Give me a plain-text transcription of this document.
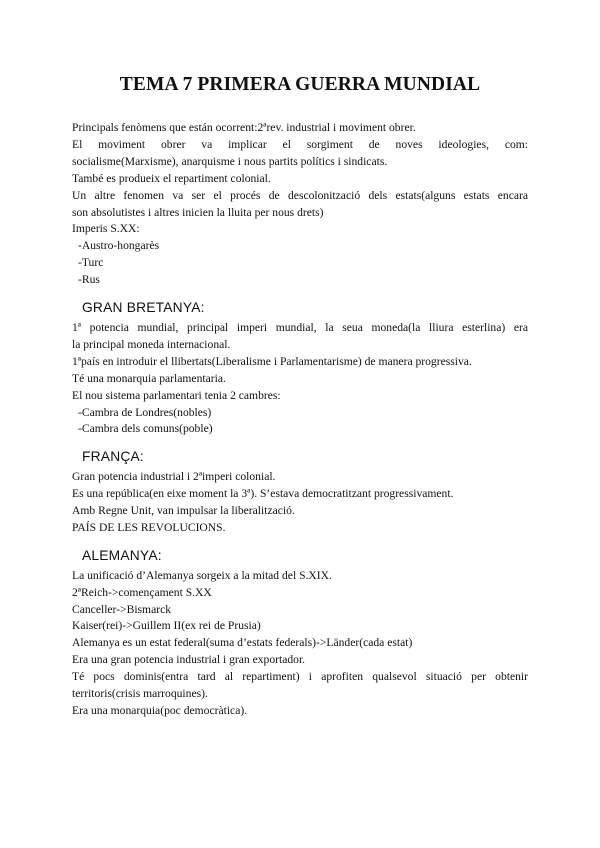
TEMA 7 PRIMERA GUERRA MUNDIAL

Principals fenòmens que están ocorrent:2ªrev. industrial i moviment obrer.

El moviment obrer va implicar el sorgiment de noves ideologies, com:

socialisme(Marxisme), anarquisme i nous partits polítics i sindicats.

També es produeix el repartiment colonial.

Un altre fenomen va ser el procés de descolonització dels estats(alguns estats encara

son absolutistes i altres inicien la lluita per nous drets)

Imperis S.XX:

-Austro-hongarès

-Turc

-Rus

GRAN BRETANYA:

1ª potencia mundial, principal imperi mundial, la seua moneda(la lliura esterlina) era

la principal moneda internacional.

1ªpaís en introduir el llibertats(Liberalisme i Parlamentarisme) de manera progressiva.

Té una monarquia parlamentaria.

El nou sistema parlamentari tenia 2 cambres:

-Cambra de Londres(nobles)

-Cambra dels comuns(poble)

FRANÇA:

Gran potencia industrial i 2ªimperi colonial.

Es una república(en eixe moment la 3ª). S’estava democratitzant progressivament.

Amb Regne Unit, van impulsar la liberalització.

PAÍS DE LES REVOLUCIONS.

ALEMANYA:

La unificació d’Alemanya sorgeix a la mitad del S.XIX.

2ªReich->començament S.XX

Canceller->Bismarck

Kaiser(rei)->Guillem II(ex rei de Prusia)

Alemanya es un estat federal(suma d’estats federals)->Länder(cada estat)

Era una gran potencia industrial i gran exportador.

Té pocs dominis(entra tard al repartiment) i aprofiten qualsevol situació per obtenir

territoris(crisis marroquines).

Era una monarquia(poc democràtica).
